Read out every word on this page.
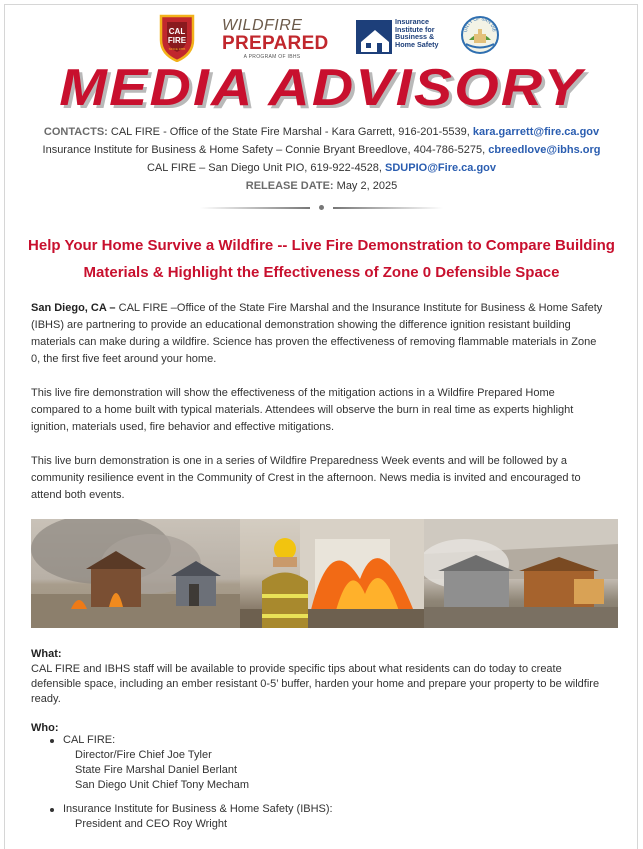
CAL
FIRE
SINCE 1885
WILDFIRE
PREPARED
A PROGRAM OF IBHS
Insurance Institute for Business & Home Safety
UNTY OF SAN DIE
MEDIA ADVISORY
CONTACTS: CAL FIRE - Office of the State Fire Marshal - Kara Garrett, 916-201-5539, kara.garrett@fire.ca.gov
Insurance Institute for Business & Home Safety – Connie Bryant Breedlove, 404-786-5275, cbreedlove@ibhs.org
CAL FIRE – San Diego Unit PIO, 619-922-4528, SDUPIO@Fire.ca.gov
RELEASE DATE: May 2, 2025
Help Your Home Survive a Wildfire -- Live Fire Demonstration to Compare Building Materials & Highlight the Effectiveness of Zone 0 Defensible Space
San Diego, CA – CAL FIRE –Office of the State Fire Marshal and the Insurance Institute for Business & Home Safety (IBHS) are partnering to provide an educational demonstration showing the difference ignition resistant building materials can make during a wildfire. Science has proven the effectiveness of removing flammable materials in Zone 0, the first five feet around your home.
This live fire demonstration will show the effectiveness of the mitigation actions in a Wildfire Prepared Home compared to a home built with typical materials. Attendees will observe the burn in real time as experts highlight ignition, materials used, fire behavior and effective mitigations.
This live burn demonstration is one in a series of Wildfire Preparedness Week events and will be followed by a community resilience event in the Community of Crest in the afternoon. News media is invited and encouraged to attend both events.
What:
CAL FIRE and IBHS staff will be available to provide specific tips about what residents can do today to create defensible space, including an ember resistant 0-5’ buffer, harden your home and prepare your property to be wildfire ready.
Who:
CAL FIRE:
Director/Fire Chief Joe Tyler
State Fire Marshal Daniel Berlant
San Diego Unit Chief Tony Mecham
Insurance Institute for Business & Home Safety (IBHS):
President and CEO Roy Wright
